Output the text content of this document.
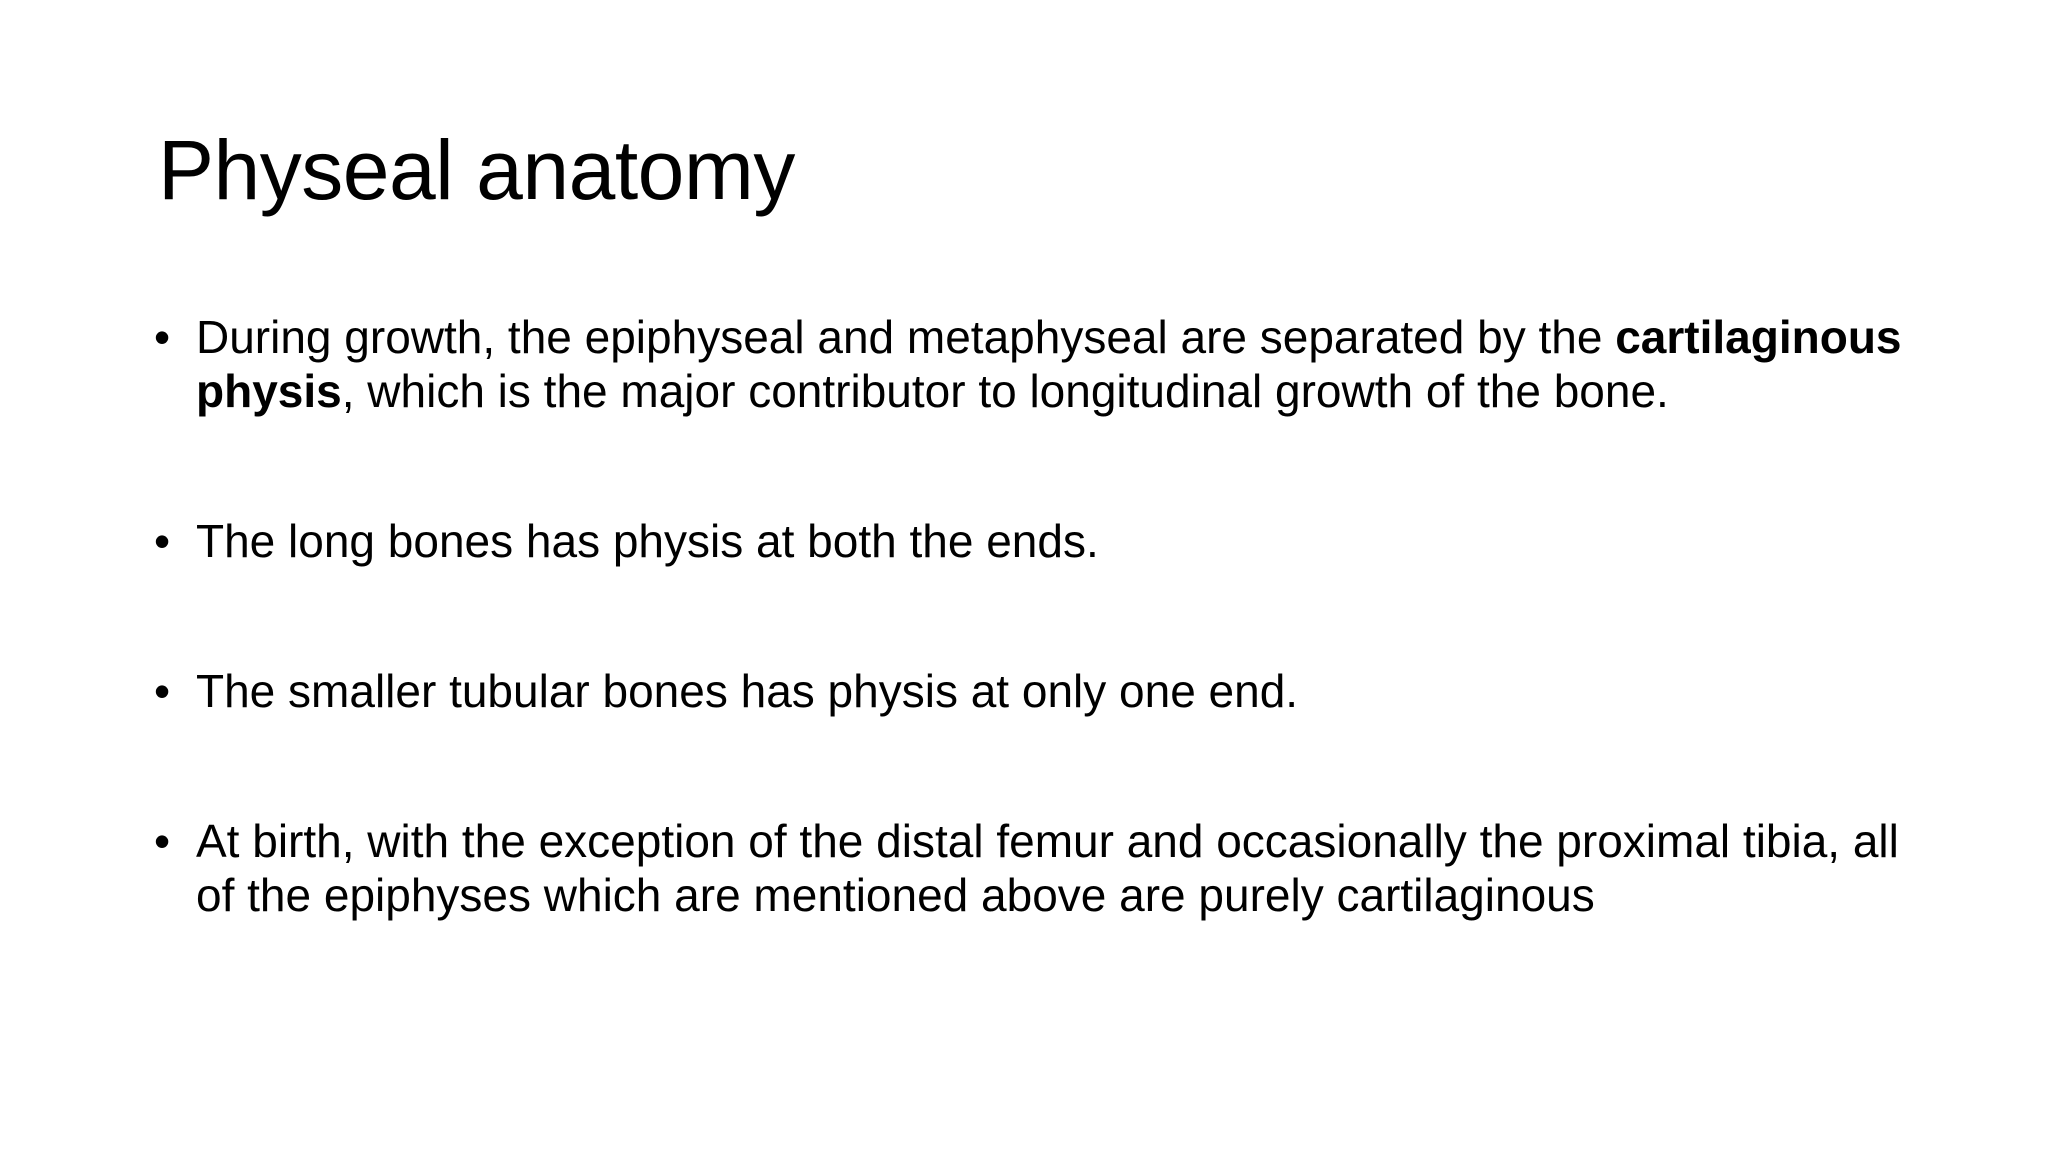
Physeal anatomy
• During growth, the epiphyseal and metaphyseal are separated by the cartilaginous physis, which is the major contributor to longitudinal growth of the bone.
• The long bones has physis at both the ends.
• The smaller tubular bones has physis at only one end.
• At birth, with the exception of the distal femur and occasionally the proximal tibia, all of the epiphyses which are mentioned above are purely cartilaginous
